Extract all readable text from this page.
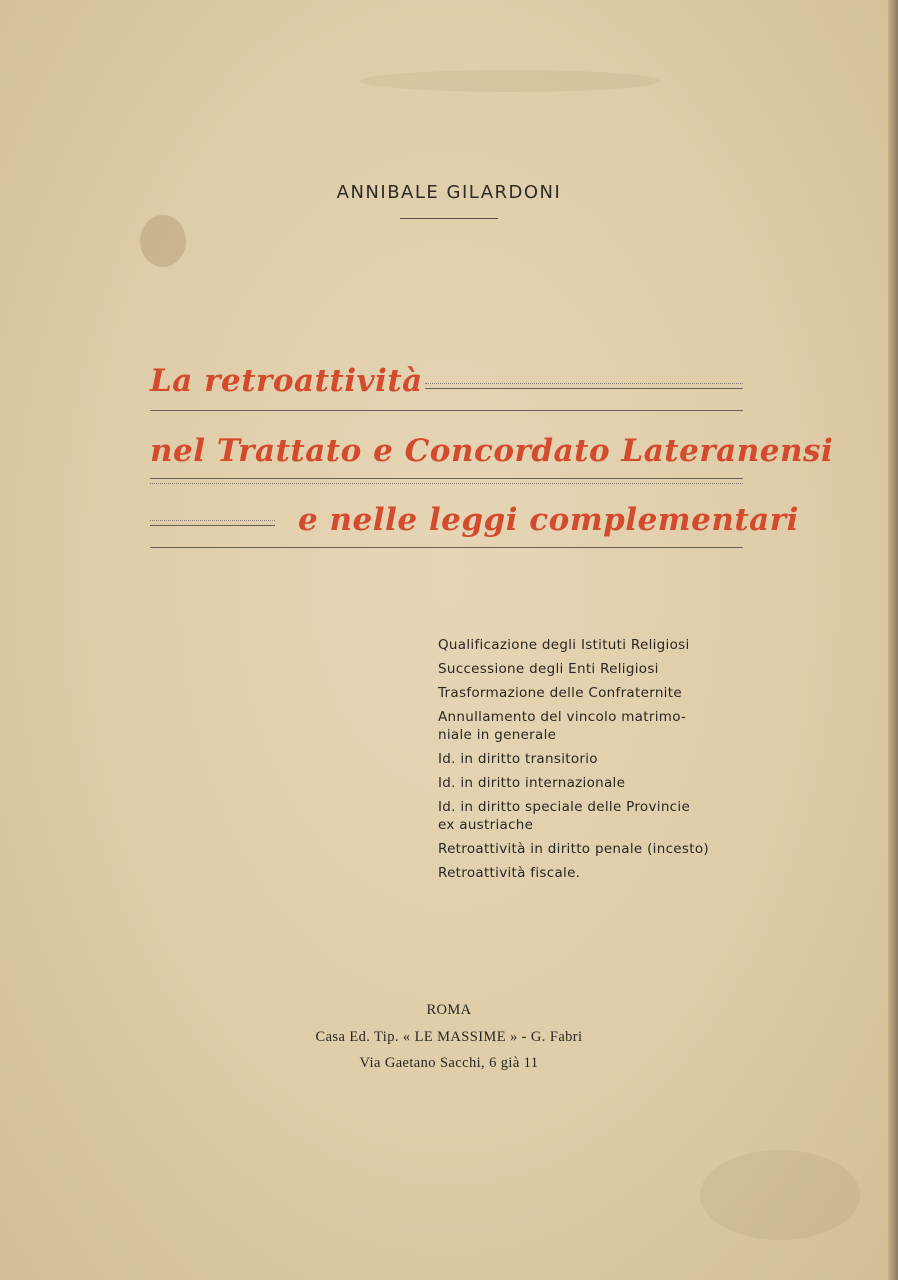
ANNIBALE GILARDONI
La retroattività
nel Trattato e Concordato Lateranensi
e nelle leggi complementari
Qualificazione degli Istituti Religiosi
Successione degli Enti Religiosi
Trasformazione delle Confraternite
Annullamento del vincolo matrimo-
niale in generale
Id. in diritto transitorio
Id. in diritto internazionale
Id. in diritto speciale delle Provincie
ex austriache
Retroattività in diritto penale (incesto)
Retroattività fiscale.
ROMA
Casa Ed. Tip. « LE MASSIME » - G. Fabri
Via Gaetano Sacchi, 6 già 11
